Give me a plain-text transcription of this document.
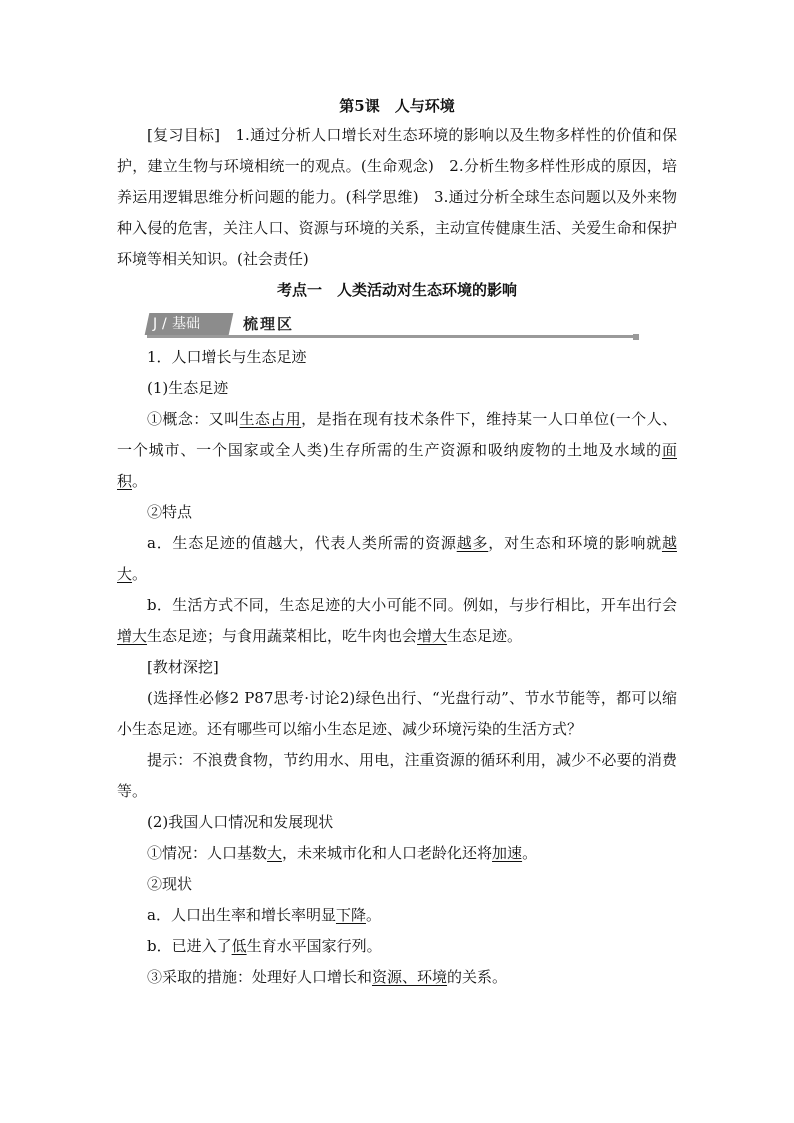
第5课　人与环境

[复习目标]　1.通过分析人口增长对生态环境的影响以及生物多样性的价值和保护，建立生物与环境相统一的观点。(生命观念)　2.分析生物多样性形成的原因，培养运用逻辑思维分析问题的能力。(科学思维)　3.通过分析全球生态问题以及外来物种入侵的危害，关注人口、资源与环境的关系，主动宣传健康生活、关爱生命和保护环境等相关知识。(社会责任)

考点一　人类活动对生态环境的影响
J / 基础	梳理区

1．人口增长与生态足迹

(1)生态足迹

①概念：又叫生态占用，是指在现有技术条件下，维持某一人口单位(一个人、一个城市、一个国家或全人类)生存所需的生产资源和吸纳废物的土地及水域的面积。

②特点

a．生态足迹的值越大，代表人类所需的资源越多，对生态和环境的影响就越大。

b．生活方式不同，生态足迹的大小可能不同。例如，与步行相比，开车出行会增大生态足迹；与食用蔬菜相比，吃牛肉也会增大生态足迹。

[教材深挖]

(选择性必修2 P87思考·讨论2)绿色出行、“光盘行动”、节水节能等，都可以缩小生态足迹。还有哪些可以缩小生态足迹、减少环境污染的生活方式？

提示：不浪费食物，节约用水、用电，注重资源的循环利用，减少不必要的消费等。

(2)我国人口情况和发展现状

①情况：人口基数大，未来城市化和人口老龄化还将加速。

②现状

a．人口出生率和增长率明显下降。

b．已进入了低生育水平国家行列。

③采取的措施：处理好人口增长和资源、环境的关系。
